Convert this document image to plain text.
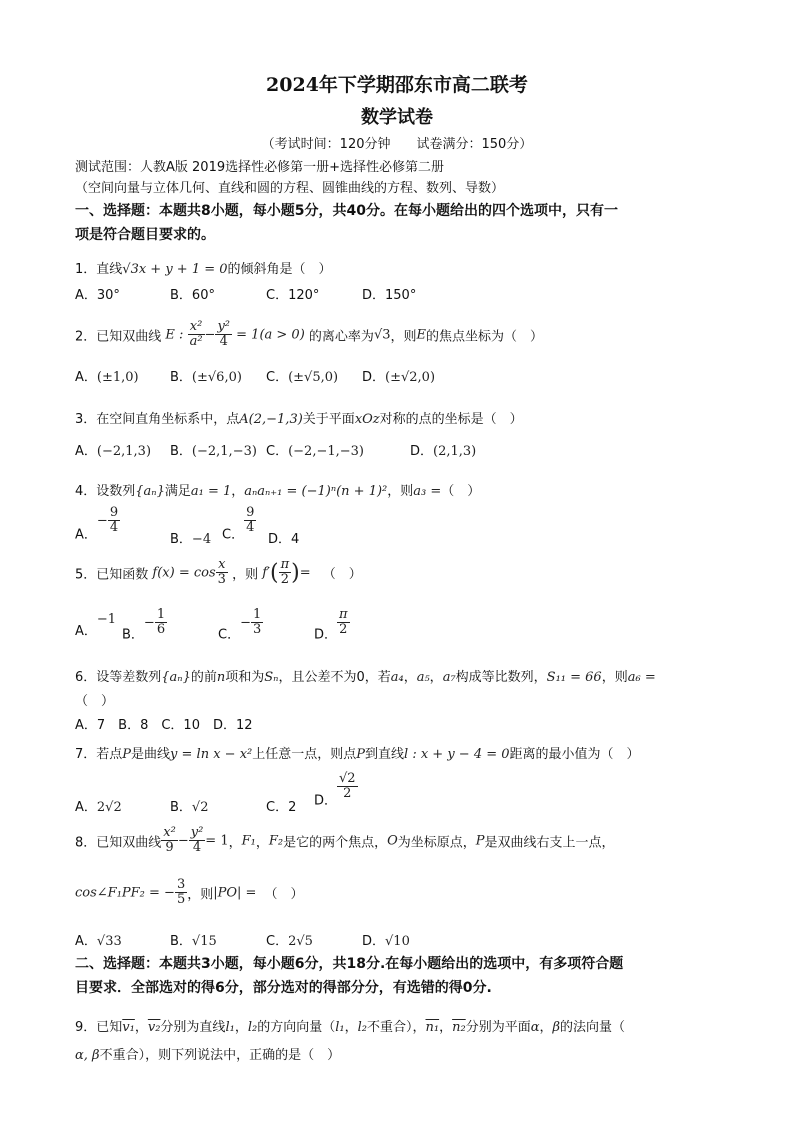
2024年下学期邵东市高二联考
数学试卷
（考试时间：120分钟　　试卷满分：150分）
测试范围：人教A版 2019选择性必修第一册+选择性必修第二册
（空间向量与立体几何、直线和圆的方程、圆锥曲线的方程、数列、导数）
一、选择题：本题共8小题，每小题5分，共40分。在每小题给出的四个选项中，只有一
项是符合题目要求的。
1．直线√3x + y + 1 = 0的倾斜角是（　）
A．30°	B．60°	C．120°	D．150°
2．已知双曲线 E : $\frac{\text{x²}}{\text{a²}} - \frac{\text{y²}}{4} = 1(a > 0)$ 的离心率为√3，则E的焦点坐标为（　）
A．(±1,0) B．(±√6,0) C．(±√5,0) D．(±√2,0)
3．在空间直角坐标系中，点A(2,−1,3)关于平面xOz对称的点的坐标是（　）
A．(−2,1,3) B．(−2,1,−3) C．(−2,−1,−3)	D．(2,1,3)
4．设数列{aₙ}满足a₁ = 1，aₙaₙ₊₁ = (−1)ⁿ(n + 1)²，则a₃ =（　）
A．− $\frac{9}{4}$
B．−4 C． $\frac{9}{4}$
D．4
5．已知函数 $f(x) = \cos \frac{x}{3}$ ，则 $f'( \frac{\pi}{2}$ )= （　）
A．−1
B．− $\frac{1}{6}$	C．− $\frac{1}{3}$	D． $\frac{\pi}{2}$
6．设等差数列{aₙ}的前n项和为Sₙ，且公差不为0，若a₄，a₅，a₇构成等比数列，S₁₁ = 66，则a₆ =
（　）
A．7　B．8　C．10　D．12
7．若点P是曲线y = ln x − x²上任意一点，则点P到直线l : x + y − 4 = 0距离的最小值为（　）
A．2√2	B．√2	C．2 D． $\frac{√2}{2}$
8．已知双曲线 $\frac{\text{x²}}{9} - \frac{\text{y²}}{4} = 1$，F₁，F₂是它的两个焦点，O为坐标原点，P是双曲线右支上一点，
cos∠F₁PF₂ = − $\frac{3}{5}$ ，则|PO| = （　）
A．√33	B．√15	C．2√5	D．√10
二、选择题：本题共3小题，每小题6分，共18分.在每小题给出的选项中，有多项符合题
目要求．全部选对的得6分，部分选对的得部分分，有选错的得0分.
9．已知v₁，v₂分别为直线l₁，l₂的方向向量（l₁，l₂不重合），n₁，n₂分别为平面α，β的法向量（
α, β不重合），则下列说法中，正确的是（　）
